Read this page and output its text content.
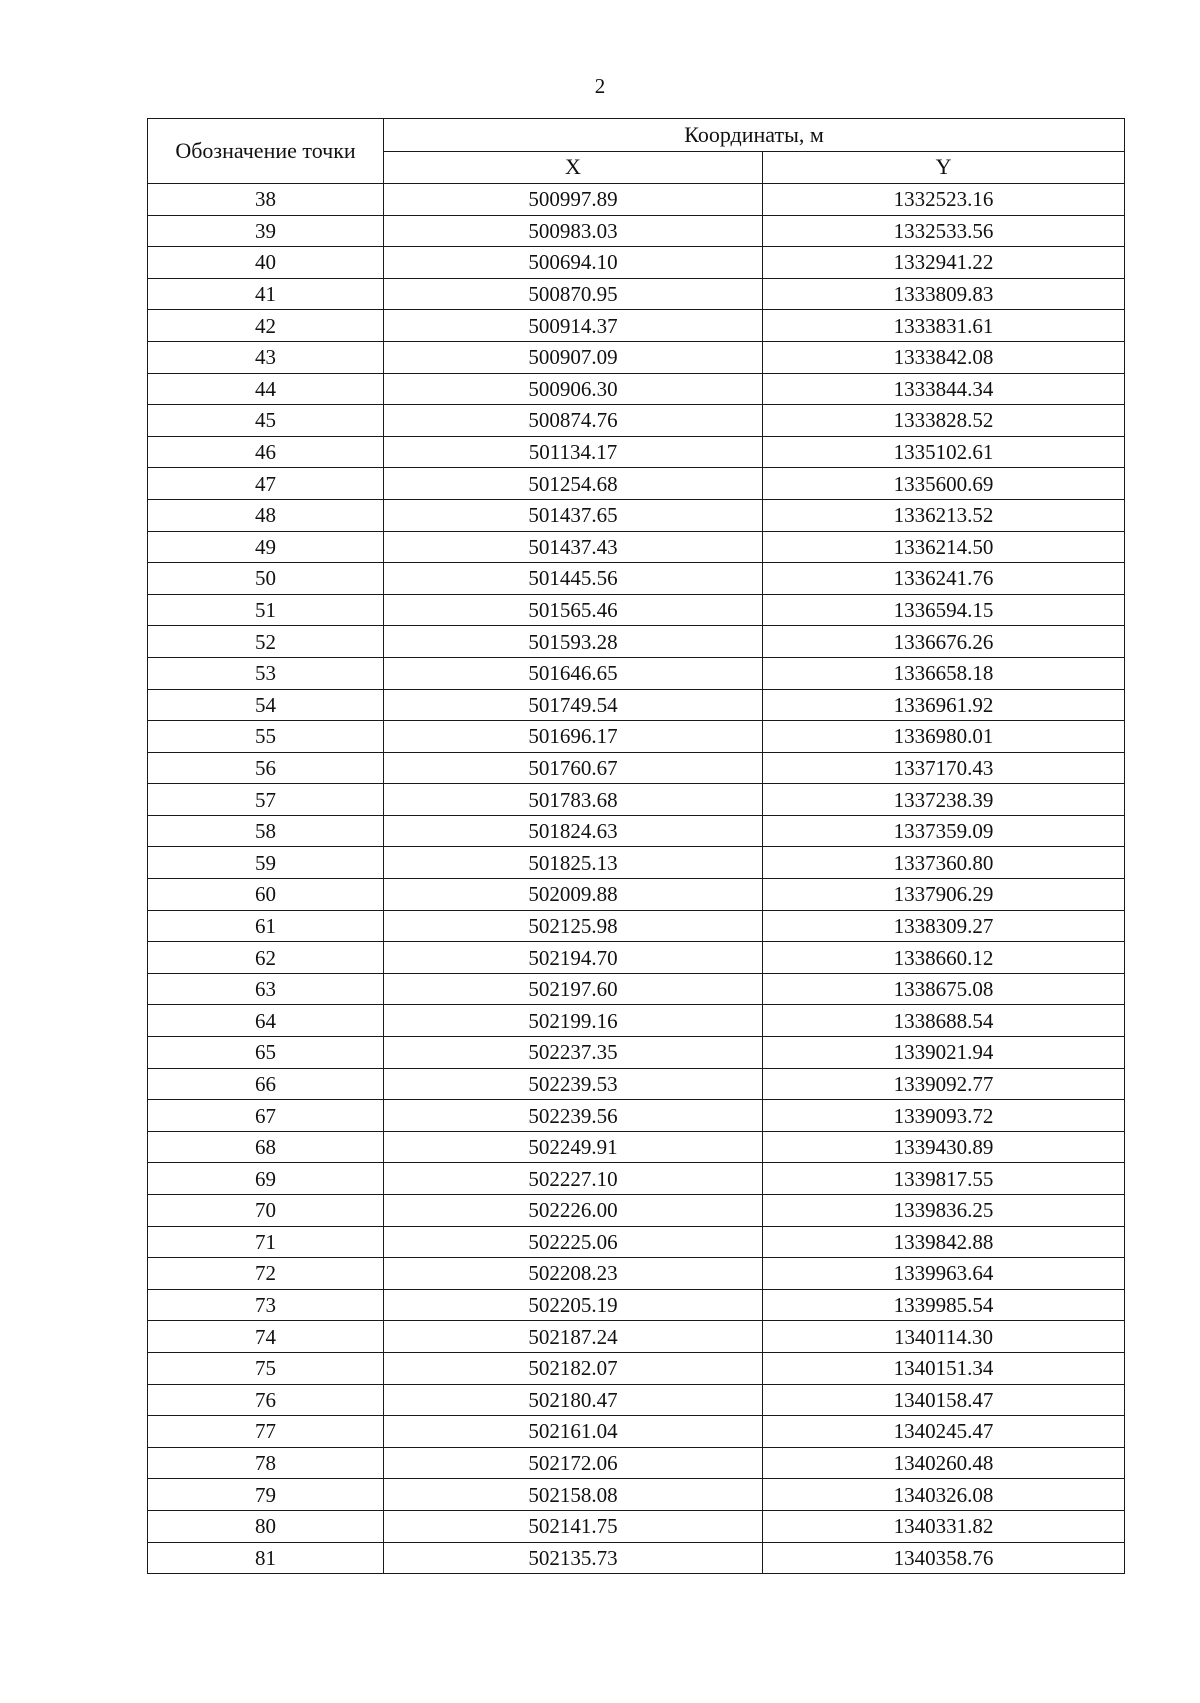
2
Обозначение точки	Координаты, м	
	X	Y
38	500997.89	1332523.16
39	500983.03	1332533.56
40	500694.10	1332941.22
41	500870.95	1333809.83
42	500914.37	1333831.61
43	500907.09	1333842.08
44	500906.30	1333844.34
45	500874.76	1333828.52
46	501134.17	1335102.61
47	501254.68	1335600.69
48	501437.65	1336213.52
49	501437.43	1336214.50
50	501445.56	1336241.76
51	501565.46	1336594.15
52	501593.28	1336676.26
53	501646.65	1336658.18
54	501749.54	1336961.92
55	501696.17	1336980.01
56	501760.67	1337170.43
57	501783.68	1337238.39
58	501824.63	1337359.09
59	501825.13	1337360.80
60	502009.88	1337906.29
61	502125.98	1338309.27
62	502194.70	1338660.12
63	502197.60	1338675.08
64	502199.16	1338688.54
65	502237.35	1339021.94
66	502239.53	1339092.77
67	502239.56	1339093.72
68	502249.91	1339430.89
69	502227.10	1339817.55
70	502226.00	1339836.25
71	502225.06	1339842.88
72	502208.23	1339963.64
73	502205.19	1339985.54
74	502187.24	1340114.30
75	502182.07	1340151.34
76	502180.47	1340158.47
77	502161.04	1340245.47
78	502172.06	1340260.48
79	502158.08	1340326.08
80	502141.75	1340331.82
81	502135.73	1340358.76
